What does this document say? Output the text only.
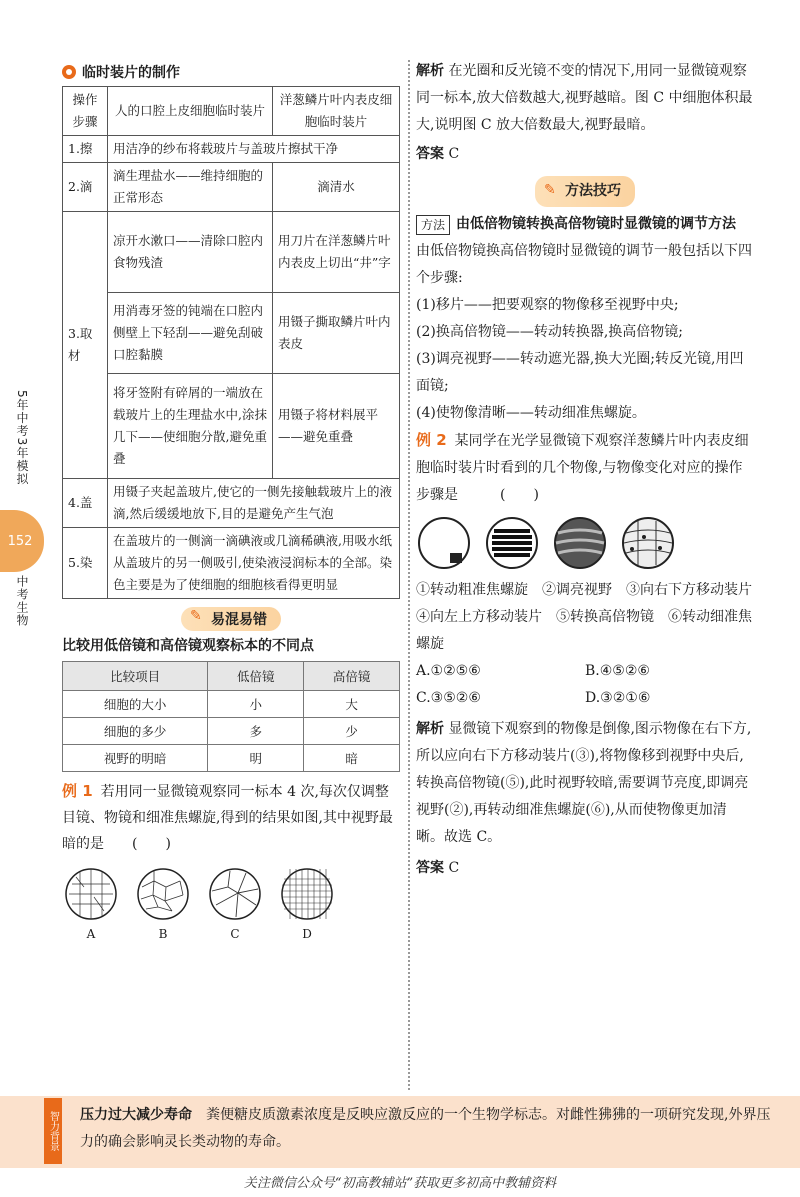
5年中考3年模拟
中考生物
152
临时装片的制作
操作步骤	人的口腔上皮细胞临时装片	洋葱鳞片叶内表皮细胞临时装片
1.擦	用洁净的纱布将载玻片与盖玻片擦拭干净	
2.滴	滴生理盐水——维持细胞的正常形态	滴清水
3.取材	凉开水漱口——清除口腔内食物残渣	用刀片在洋葱鳞片叶内表皮上切出“井”字
	用消毒牙签的钝端在口腔内侧壁上下轻刮——避免刮破口腔黏膜	用镊子撕取鳞片叶内表皮
	将牙签附有碎屑的一端放在载玻片上的生理盐水中,涂抹几下——使细胞分散,避免重叠	用镊子将材料展平——避免重叠
4.盖	用镊子夹起盖玻片,使它的一侧先接触载玻片上的液滴,然后缓缓地放下,目的是避免产生气泡	
5.染	在盖玻片的一侧滴一滴碘液或几滴稀碘液,用吸水纸从盖玻片的另一侧吸引,使染液浸润标本的全部。染色主要是为了使细胞的细胞核看得更明显	
✎ 易混易错
比较用低倍镜和高倍镜观察标本的不同点
比较项目	低倍镜	高倍镜
细胞的大小	小	大
细胞的多少	多	少
视野的明暗	明	暗
例 1 若用同一显微镜观察同一标本 4 次,每次仅调整目镜、物镜和细准焦螺旋,得到的结果如图,其中视野最暗的是　　(　　)
A	B	C	D
解析 在光圈和反光镜不变的情况下,用同一显微镜观察同一标本,放大倍数越大,视野越暗。图 C 中细胞体积最大,说明图 C 放大倍数最大,视野最暗。
答案 C
✎ 方法技巧
方法 由低倍物镜转换高倍物镜时显微镜的调节方法
由低倍物镜换高倍物镜时显微镜的调节一般包括以下四个步骤:
(1)移片——把要观察的物像移至视野中央;
(2)换高倍物镜——转动转换器,换高倍物镜;
(3)调亮视野——转动遮光器,换大光圈;转反光镜,用凹面镜;
(4)使物像清晰——转动细准焦螺旋。
例 2 某同学在光学显微镜下观察洋葱鳞片叶内表皮细胞临时装片时看到的几个物像,与物像变化对应的操作步骤是　　　(　　)
①转动粗准焦螺旋　②调亮视野　③向右下方移动装片　④向左上方移动装片　⑤转换高倍物镜　⑥转动细准焦螺旋
A.①②⑤⑥	B.④⑤②⑥
C.③⑤②⑥	D.③②①⑥
解析 显微镜下观察到的物像是倒像,图示物像在右下方,所以应向右下方移动装片(③),将物像移到视野中央后,转换高倍物镜(⑤),此时视野较暗,需要调节亮度,即调亮视野(②),再转动细准焦螺旋(⑥),从而使物像更加清晰。故选 C。
答案 C
智力背景 压力过大减少寿命　 粪便糖皮质激素浓度是反映应激反应的一个生物学标志。对雌性狒狒的一项研究发现,外界压力的确会影响灵长类动物的寿命。
关注微信公众号“初高教辅站”获取更多初高中教辅资料
